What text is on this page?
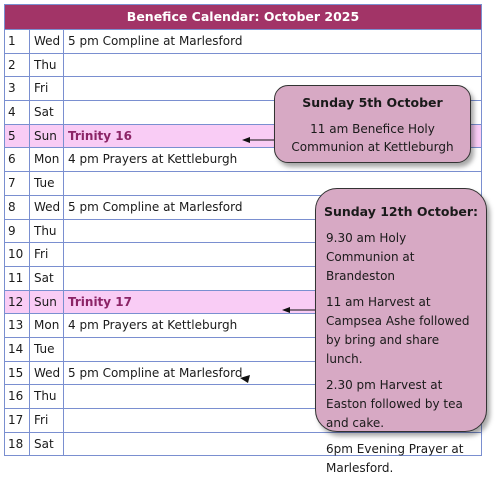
Benefice Calendar: October 2025
1	Wed 5 pm Compline at Marlesford
2	Thu
3	Fri
4	Sat
5	Sun Trinity 16
6	Mon 4 pm Prayers at Kettleburgh
7	Tue
8	Wed 5 pm Compline at Marlesford
9	Thu
10 Fri
11 Sat
12 Sun Trinity 17
13 Mon 4 pm Prayers at Kettleburgh
14 Tue
15 Wed 5 pm Compline at Marlesford
16 Thu
17 Fri
18 Sat
Sunday 5th October
11 am Benefice Holy Communion at Kettleburgh
Sunday 12th October:
9.30 am Holy Communion at Brandeston
11 am Harvest at Campsea Ashe followed by bring and share lunch.
2.30 pm Harvest at Easton followed by tea and cake.
6pm Evening Prayer at Marlesford.
